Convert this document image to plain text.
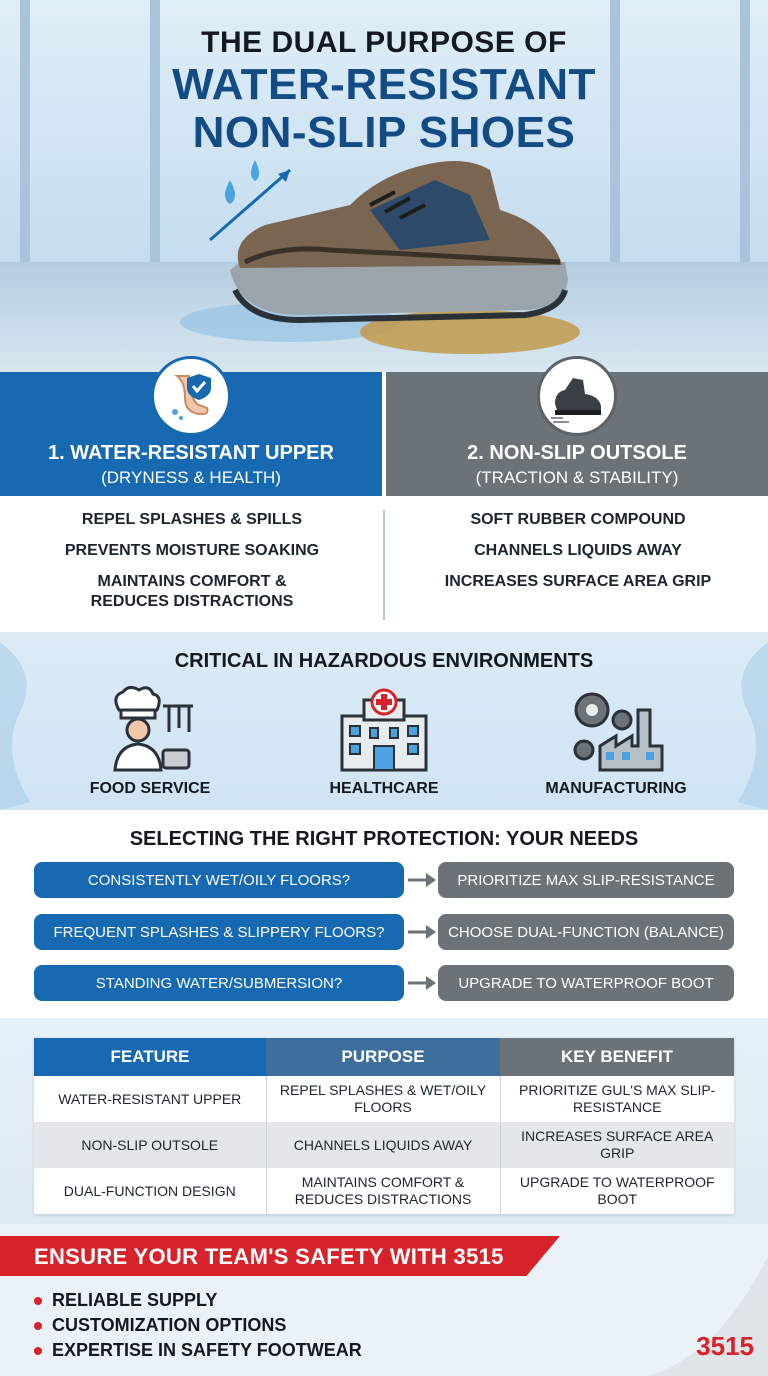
THE DUAL PURPOSE OF
WATER-RESISTANT
NON-SLIP SHOES
1. WATER-RESISTANT UPPER
(DRYNESS & HEALTH)
2. NON-SLIP OUTSOLE
(TRACTION & STABILITY)
REPEL SPLASHES & SPILLS
PREVENTS MOISTURE SOAKING
MAINTAINS COMFORT & REDUCES DISTRACTIONS
SOFT RUBBER COMPOUND
CHANNELS LIQUIDS AWAY
INCREASES SURFACE AREA GRIP
CRITICAL IN HAZARDOUS ENVIRONMENTS
FOOD SERVICE	HEALTHCARE	MANUFACTURING
SELECTING THE RIGHT PROTECTION: YOUR NEEDS
CONSISTENTLY WET/OILY FLOORS?	PRIORITIZE MAX SLIP-RESISTANCE
FREQUENT SPLASHES & SLIPPERY FLOORS?	CHOOSE DUAL-FUNCTION (BALANCE)
STANDING WATER/SUBMERSION?	UPGRADE TO WATERPROOF BOOT
FEATURE	PURPOSE	KEY BENEFIT
WATER-RESISTANT UPPER	REPEL SPLASHES & WET/OILY FLOORS	PRIORITIZE GUL'S MAX SLIP-RESISTANCE
NON-SLIP OUTSOLE	CHANNELS LIQUIDS AWAY	INCREASES SURFACE AREA GRIP
DUAL-FUNCTION DESIGN	MAINTAINS COMFORT & REDUCES DISTRACTIONS	UPGRADE TO WATERPROOF BOOT
ENSURE YOUR TEAM'S SAFETY WITH 3515
RELIABLE SUPPLY
CUSTOMIZATION OPTIONS
EXPERTISE IN SAFETY FOOTWEAR	3515
